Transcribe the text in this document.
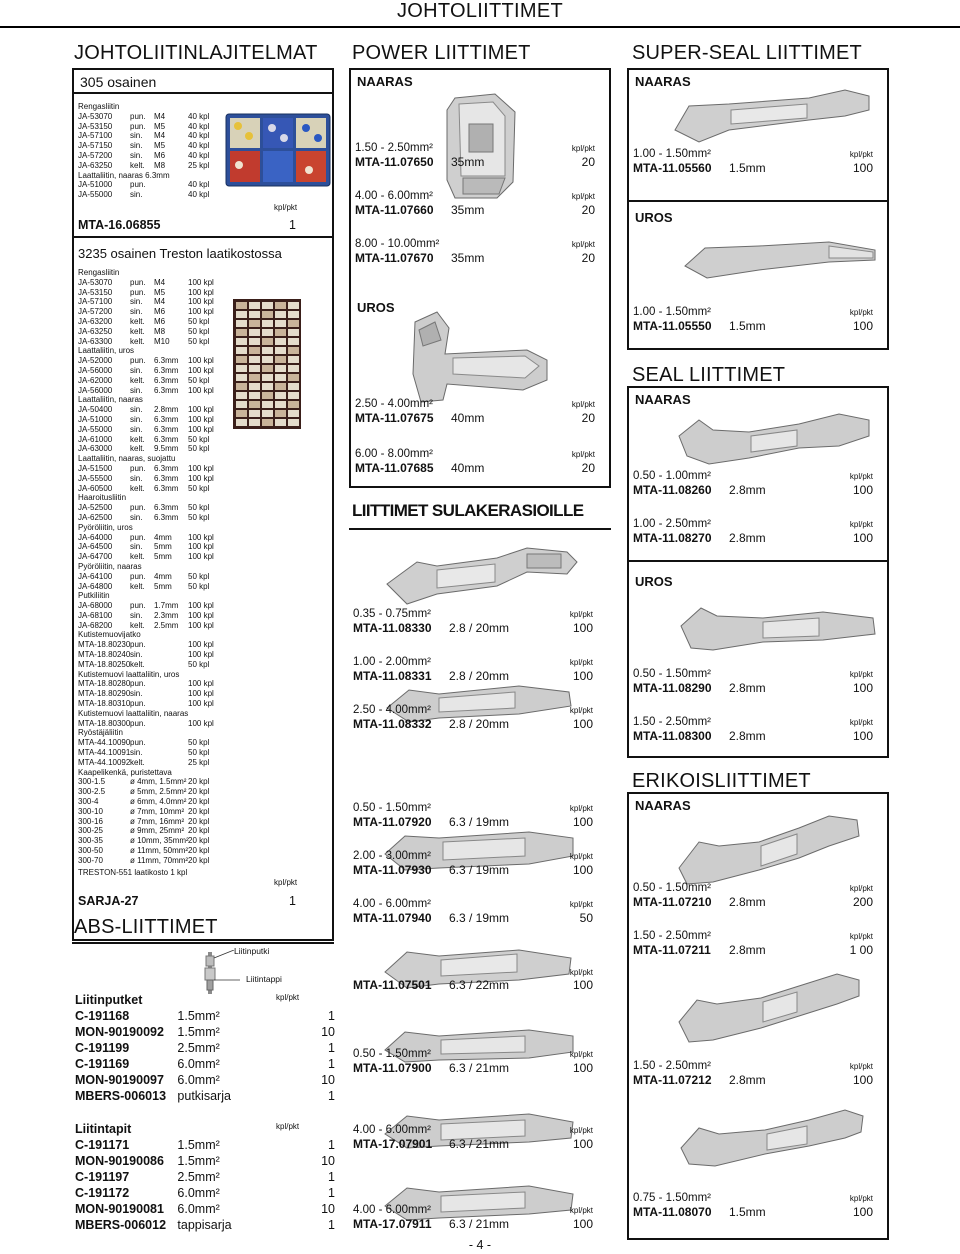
JOHTOLIITTIMET
JOHTOLIITINLAJITELMAT
305 osainen
Rengasliitin
JA-53070	pun.	M4	40 kpl
JA-53150	pun.	M5	40 kpl
JA-57100	sin.	M4	40 kpl
JA-57150	sin.	M5	40 kpl
JA-57200	sin.	M6	40 kpl
JA-63250	kelt.	M8	25 kpl
Laattaliitin, naaras 6.3mm
JA-51000	pun.	40 kpl
JA-55000	sin.	40 kpl
kpl/pkt
MTA-16.06855	1
3235 osainen Treston laatikostossa
Rengasliitin
JA-53070	pun.	M4	100 kpl
JA-53150	pun.	M5	100 kpl
JA-57100	sin.	M4	100 kpl
JA-57200	sin.	M6	100 kpl
JA-63200	kelt.	M6	50 kpl
JA-63250	kelt.	M8	50 kpl
JA-63300	kelt.	M10	50 kpl
Laattaliitin, uros
JA-52000	pun.	6.3mm	100 kpl
JA-56000	sin.	6.3mm	100 kpl
JA-62000	kelt.	6.3mm	50 kpl
JA-56000	sin.	6.3mm	100 kpl
Laattaliitin, naaras
JA-50400	sin.	2.8mm	100 kpl
JA-51000	sin.	6.3mm	100 kpl
JA-55000	sin.	6.3mm	100 kpl
JA-61000	kelt.	6.3mm	50 kpl
JA-63000	kelt.	9.5mm	50 kpl
Laattaliitin, naaras, suojattu
JA-51500	pun.	6.3mm	100 kpl
JA-55500	sin.	6.3mm	100 kpl
JA-60500	kelt.	6.3mm	50 kpl
Haaroitusliitin
JA-52500	pun.	6.3mm	50 kpl
JA-62500	sin.	6.3mm	50 kpl
Pyöröliitin, uros
JA-64000	pun.	4mm	100 kpl
JA-64500	sin.	5mm	100 kpl
JA-64700	kelt.	5mm	100 kpl
Pyöröliitin, naaras
JA-64100	pun.	4mm	50 kpl
JA-64800	kelt.	5mm	50 kpl
Putkiliitin
JA-68000	pun.	1.7mm	100 kpl
JA-68100	sin.	2.3mm	100 kpl
JA-68200	kelt.	2.5mm	100 kpl
Kutistemuovijatko
MTA-18.80230 pun.	100 kpl
MTA-18.80240 sin.	100 kpl
MTA-18.80250 kelt.	50 kpl
Kutistemuovi laattaliitin, uros
MTA-18.80280 pun.	100 kpl
MTA-18.80290 sin.	100 kpl
MTA-18.80310 pun.	100 kpl
Kutistemuovi laattaliitin, naaras
MTA-18.80300 pun.	100 kpl
Ryöstäjäliitin
MTA-44.10090 pun.	50 kpl
MTA-44.10091 sin.	50 kpl
MTA-44.10092 kelt.	25 kpl
Kaapelikenkä, puristettava
300-1.5	ø 4mm, 1.5mm² 20 kpl
300-2.5	ø 5mm, 2.5mm² 20 kpl
300-4	ø 6mm, 4.0mm² 20 kpl
300-10	ø 7mm, 10mm² 20 kpl
300-16	ø 7mm, 16mm² 20 kpl
300-25	ø 9mm, 25mm² 20 kpl
300-35	ø 10mm, 35mm² 20 kpl
300-50	ø 11mm, 50mm² 20 kpl
300-70	ø 11mm, 70mm² 20 kpl
TRESTON-551 laatikosto 1 kpl
kpl/pkt
SARJA-27	1
ABS-LIITTIMET
Liitinputki
Liitintappi
Liitinputket	kpl/pkt
C-191168	1.5mm²	1
MON-90190092	1.5mm²	10
C-191199	2.5mm²	1
C-191169	6.0mm²	1
MON-90190097	6.0mm²	10
MBERS-006013 putkisarja	1
Liitintapit	kpl/pkt
C-191171	1.5mm²	1
MON-90190086	1.5mm²	10
C-191197	2.5mm²	1
C-191172	6.0mm²	1
MON-90190081	6.0mm²	10
MBERS-006012 tappisarja	1
POWER LIITTIMET
NAARAS
UROS
1.50 - 2.50mm²	kpl/pkt
MTA-11.07650	35mm	20
4.00 - 6.00mm²	kpl/pkt
MTA-11.07660	35mm	20
8.00 - 10.00mm²	kpl/pkt
MTA-11.07670	35mm	20
2.50 - 4.00mm²	kpl/pkt
MTA-11.07675	40mm	20
6.00 - 8.00mm²	kpl/pkt
MTA-11.07685	40mm	20
LIITTIMET SULAKERASIOILLE
0.35 - 0.75mm²	kpl/pkt
MTA-11.08330	2.8 / 20mm	100
1.00 - 2.00mm²	kpl/pkt
MTA-11.08331	2.8 / 20mm	100
2.50 - 4.00mm²	kpl/pkt
MTA-11.08332	2.8 / 20mm	100
0.50 - 1.50mm²	kpl/pkt
MTA-11.07920	6.3 / 19mm	100
2.00 - 3.00mm²	kpl/pkt
MTA-11.07930	6.3 / 19mm	100
4.00 - 6.00mm²	kpl/pkt
MTA-11.07940	6.3 / 19mm	50
kpl/pkt
MTA-11.07501	6.3 / 22mm	100
0.50 - 1.50mm²	kpl/pkt
MTA-11.07900	6.3 / 21mm	100
4.00 - 6.00mm²	kpl/pkt
MTA-17.07901	6.3 / 21mm	100
4.00 - 6.00mm²	kpl/pkt
MTA-17.07911	6.3 / 21mm	100
SUPER-SEAL LIITTIMET
NAARAS
UROS
1.00 - 1.50mm²	kpl/pkt
MTA-11.05560	1.5mm	100
1.00 - 1.50mm²	kpl/pkt
MTA-11.05550	1.5mm	100
SEAL LIITTIMET
NAARAS
UROS
0.50 - 1.00mm²	kpl/pkt
MTA-11.08260	2.8mm	100
1.00 - 2.50mm²	kpl/pkt
MTA-11.08270	2.8mm	100
0.50 - 1.50mm²	kpl/pkt
MTA-11.08290	2.8mm	100
1.50 - 2.50mm²	kpl/pkt
MTA-11.08300	2.8mm	100
ERIKOISLIITTIMET
NAARAS
0.50 - 1.50mm²	kpl/pkt
MTA-11.07210	2.8mm	200
1.50 - 2.50mm²	kpl/pkt
MTA-11.07211	2.8mm	1 00
1.50 - 2.50mm²	kpl/pkt
MTA-11.07212	2.8mm	100
0.75 - 1.50mm²	kpl/pkt
MTA-11.08070	1.5mm	100
- 4 -
